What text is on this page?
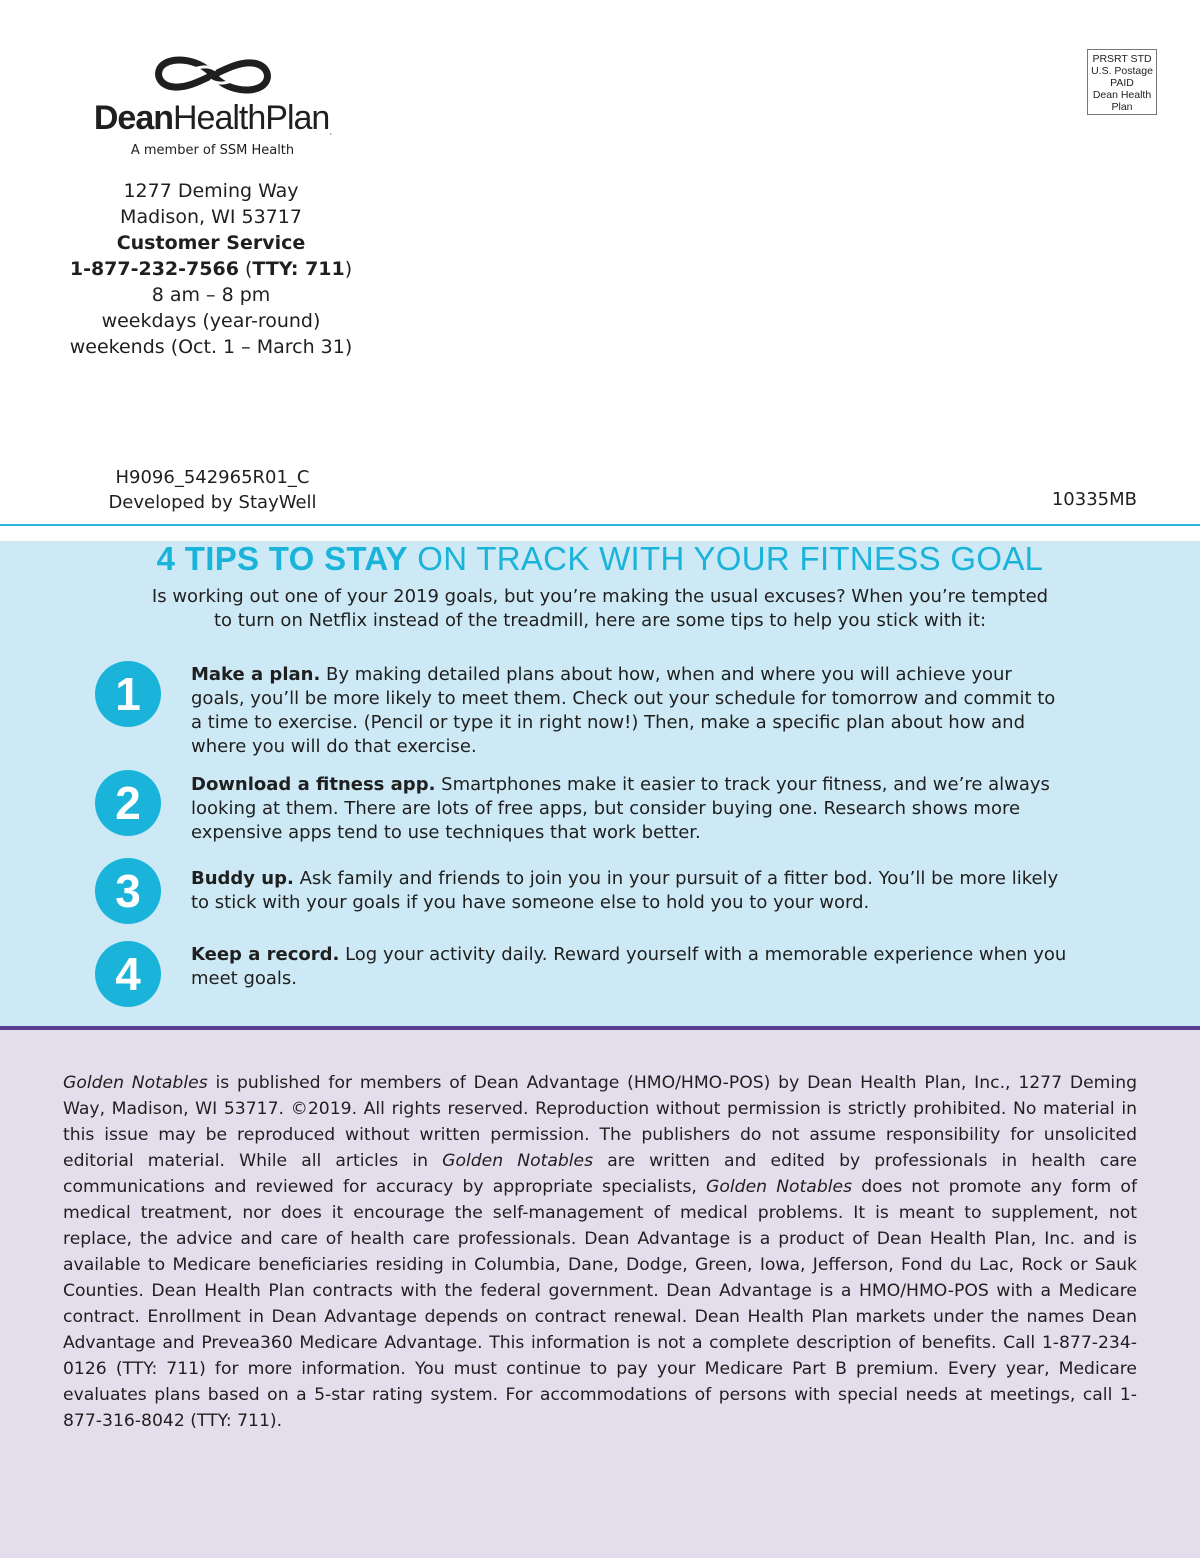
DeanHealthPlan.
A member of SSM Health
1277 Deming Way
Madison, WI 53717
Customer Service
1-877-232-7566 (TTY: 711)
8 am – 8 pm
weekdays (year-round)
weekends (Oct. 1 – March 31)
PRSRT STD
U.S. Postage
PAID
Dean Health
Plan
H9096_542965R01_C
Developed by StayWell	10335MB
4 TIPS TO STAY ON TRACK WITH YOUR FITNESS GOAL
Is working out one of your 2019 goals, but you’re making the usual excuses? When you’re tempted
to turn on Netflix instead of the treadmill, here are some tips to help you stick with it:
1	Make a plan. By making detailed plans about how, when and where you will achieve your goals, you’ll be more likely to meet them. Check out your schedule for tomorrow and commit to a time to exercise. (Pencil or type it in right now!) Then, make a specific plan about how and where you will do that exercise.
2	Download a fitness app. Smartphones make it easier to track your fitness, and we’re always looking at them. There are lots of free apps, but consider buying one. Research shows more expensive apps tend to use techniques that work better.
3	Buddy up. Ask family and friends to join you in your pursuit of a fitter bod. You’ll be more likely to stick with your goals if you have someone else to hold you to your word.
4	Keep a record. Log your activity daily. Reward yourself with a memorable experience when you meet goals.
Golden Notables is published for members of Dean Advantage (HMO/HMO-POS) by Dean Health Plan, Inc., 1277 Deming Way, Madison, WI 53717. ©2019. All rights reserved. Reproduction without permission is strictly prohibited. No material in this issue may be reproduced without written permission. The publishers do not assume responsibility for unsolicited editorial material. While all articles in Golden Notables are written and edited by professionals in health care communications and reviewed for accuracy by appropriate specialists, Golden Notables does not promote any form of medical treatment, nor does it encourage the self-management of medical problems. It is meant to supplement, not replace, the advice and care of health care professionals. Dean Advantage is a product of Dean Health Plan, Inc. and is available to Medicare beneficiaries residing in Columbia, Dane, Dodge, Green, Iowa, Jefferson, Fond du Lac, Rock or Sauk Counties. Dean Health Plan contracts with the federal government. Dean Advantage is a HMO/HMO-POS with a Medicare contract. Enrollment in Dean Advantage depends on contract renewal. Dean Health Plan markets under the names Dean Advantage and Prevea360 Medicare Advantage. This information is not a complete description of benefits. Call 1-877-234-0126 (TTY: 711) for more information. You must continue to pay your Medicare Part B premium. Every year, Medicare evaluates plans based on a 5-star rating system. For accommodations of persons with special needs at meetings, call 1-877-316-8042 (TTY: 711).
